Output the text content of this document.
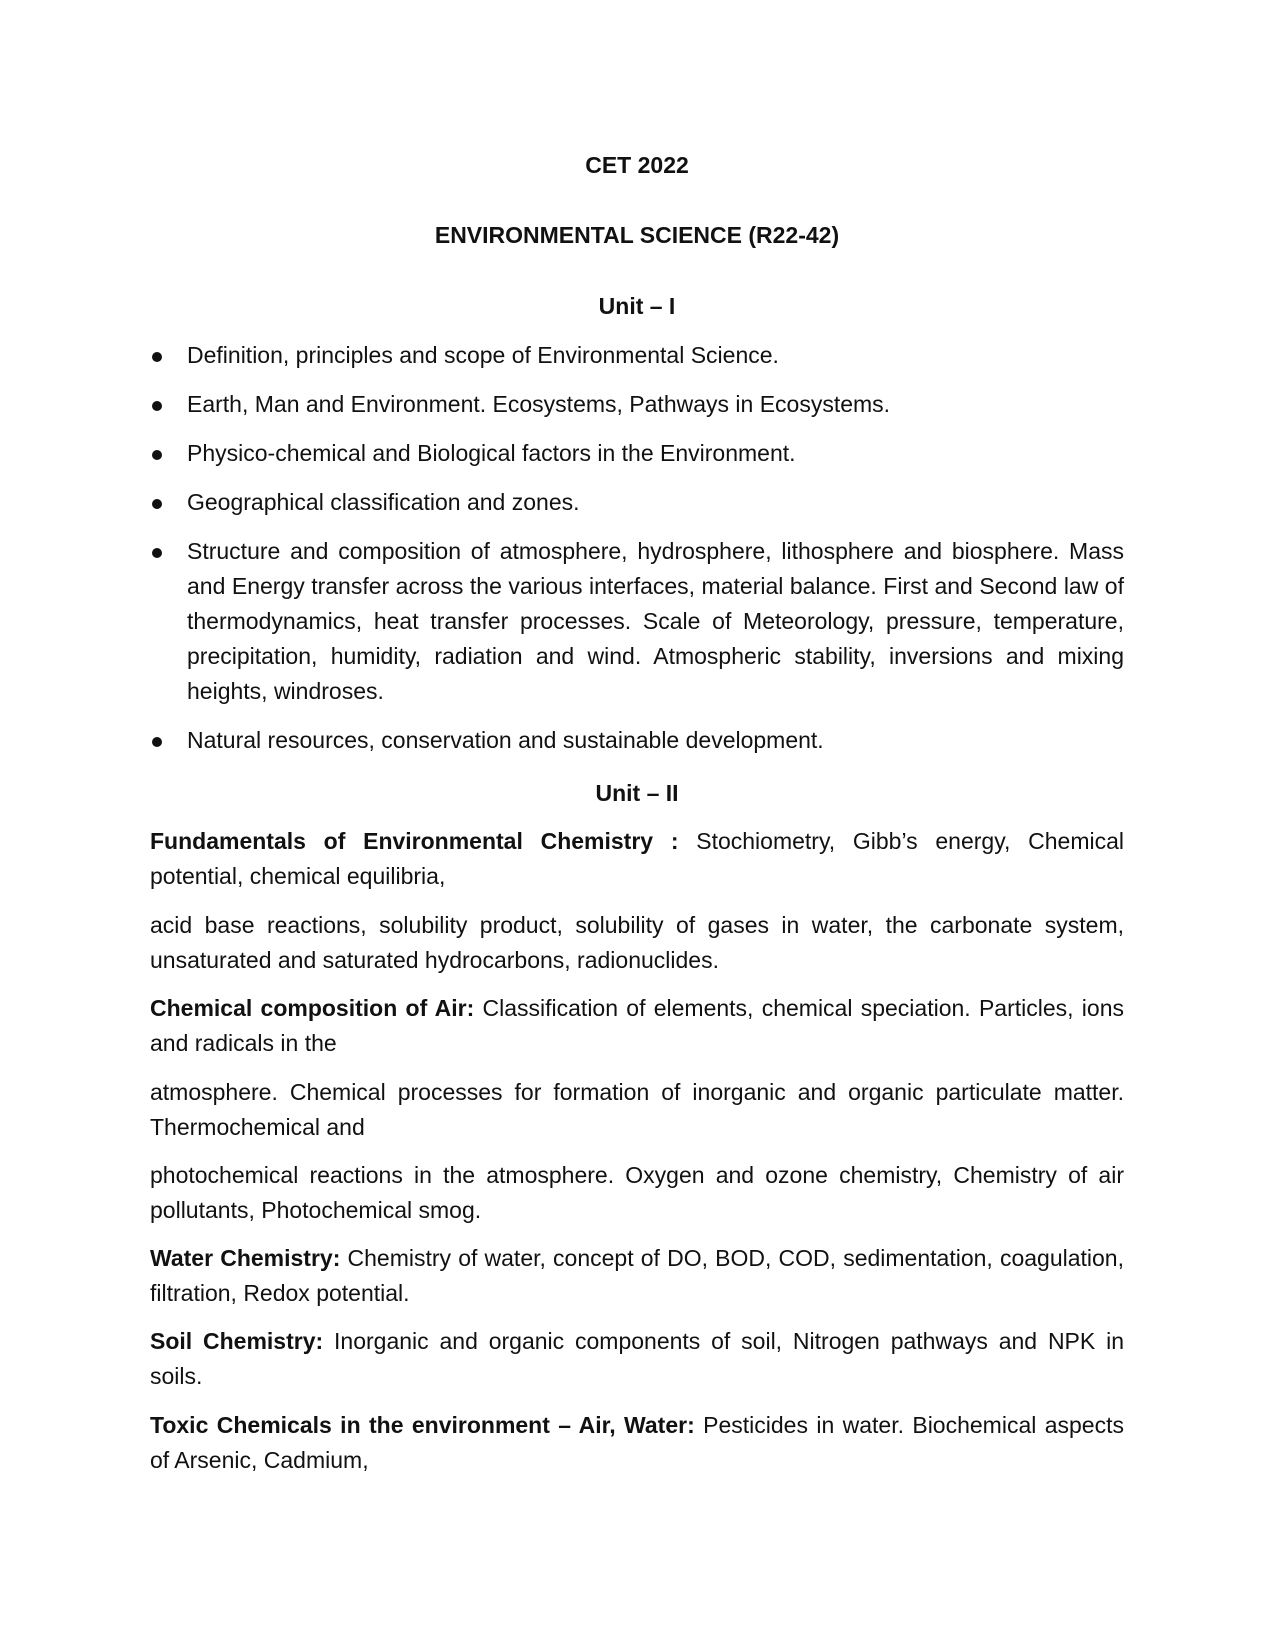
CET 2022
ENVIRONMENTAL SCIENCE (R22-42)
Unit – I
Definition, principles and scope of Environmental Science.
Earth, Man and Environment. Ecosystems, Pathways in Ecosystems.
Physico-chemical and Biological factors in the Environment.
Geographical classification and zones.
Structure and composition of atmosphere, hydrosphere, lithosphere and biosphere. Mass and Energy transfer across the various interfaces, material balance. First and Second law of thermodynamics, heat transfer processes. Scale of Meteorology, pressure, temperature, precipitation, humidity, radiation and wind. Atmospheric stability, inversions and mixing heights, windroses.
Natural resources, conservation and sustainable development.
Unit – II

Fundamentals of Environmental Chemistry : Stochiometry, Gibb’s energy, Chemical potential, chemical equilibria,

acid base reactions, solubility product, solubility of gases in water, the carbonate system, unsaturated and saturated hydrocarbons, radionuclides.

Chemical composition of Air: Classification of elements, chemical speciation. Particles, ions and radicals in the

atmosphere. Chemical processes for formation of inorganic and organic particulate matter. Thermochemical and

photochemical reactions in the atmosphere. Oxygen and ozone chemistry, Chemistry of air pollutants, Photochemical smog.

Water Chemistry: Chemistry of water, concept of DO, BOD, COD, sedimentation, coagulation, filtration, Redox potential.

Soil Chemistry: Inorganic and organic components of soil, Nitrogen pathways and NPK in soils.

Toxic Chemicals in the environment – Air, Water: Pesticides in water. Biochemical aspects of Arsenic, Cadmium,
